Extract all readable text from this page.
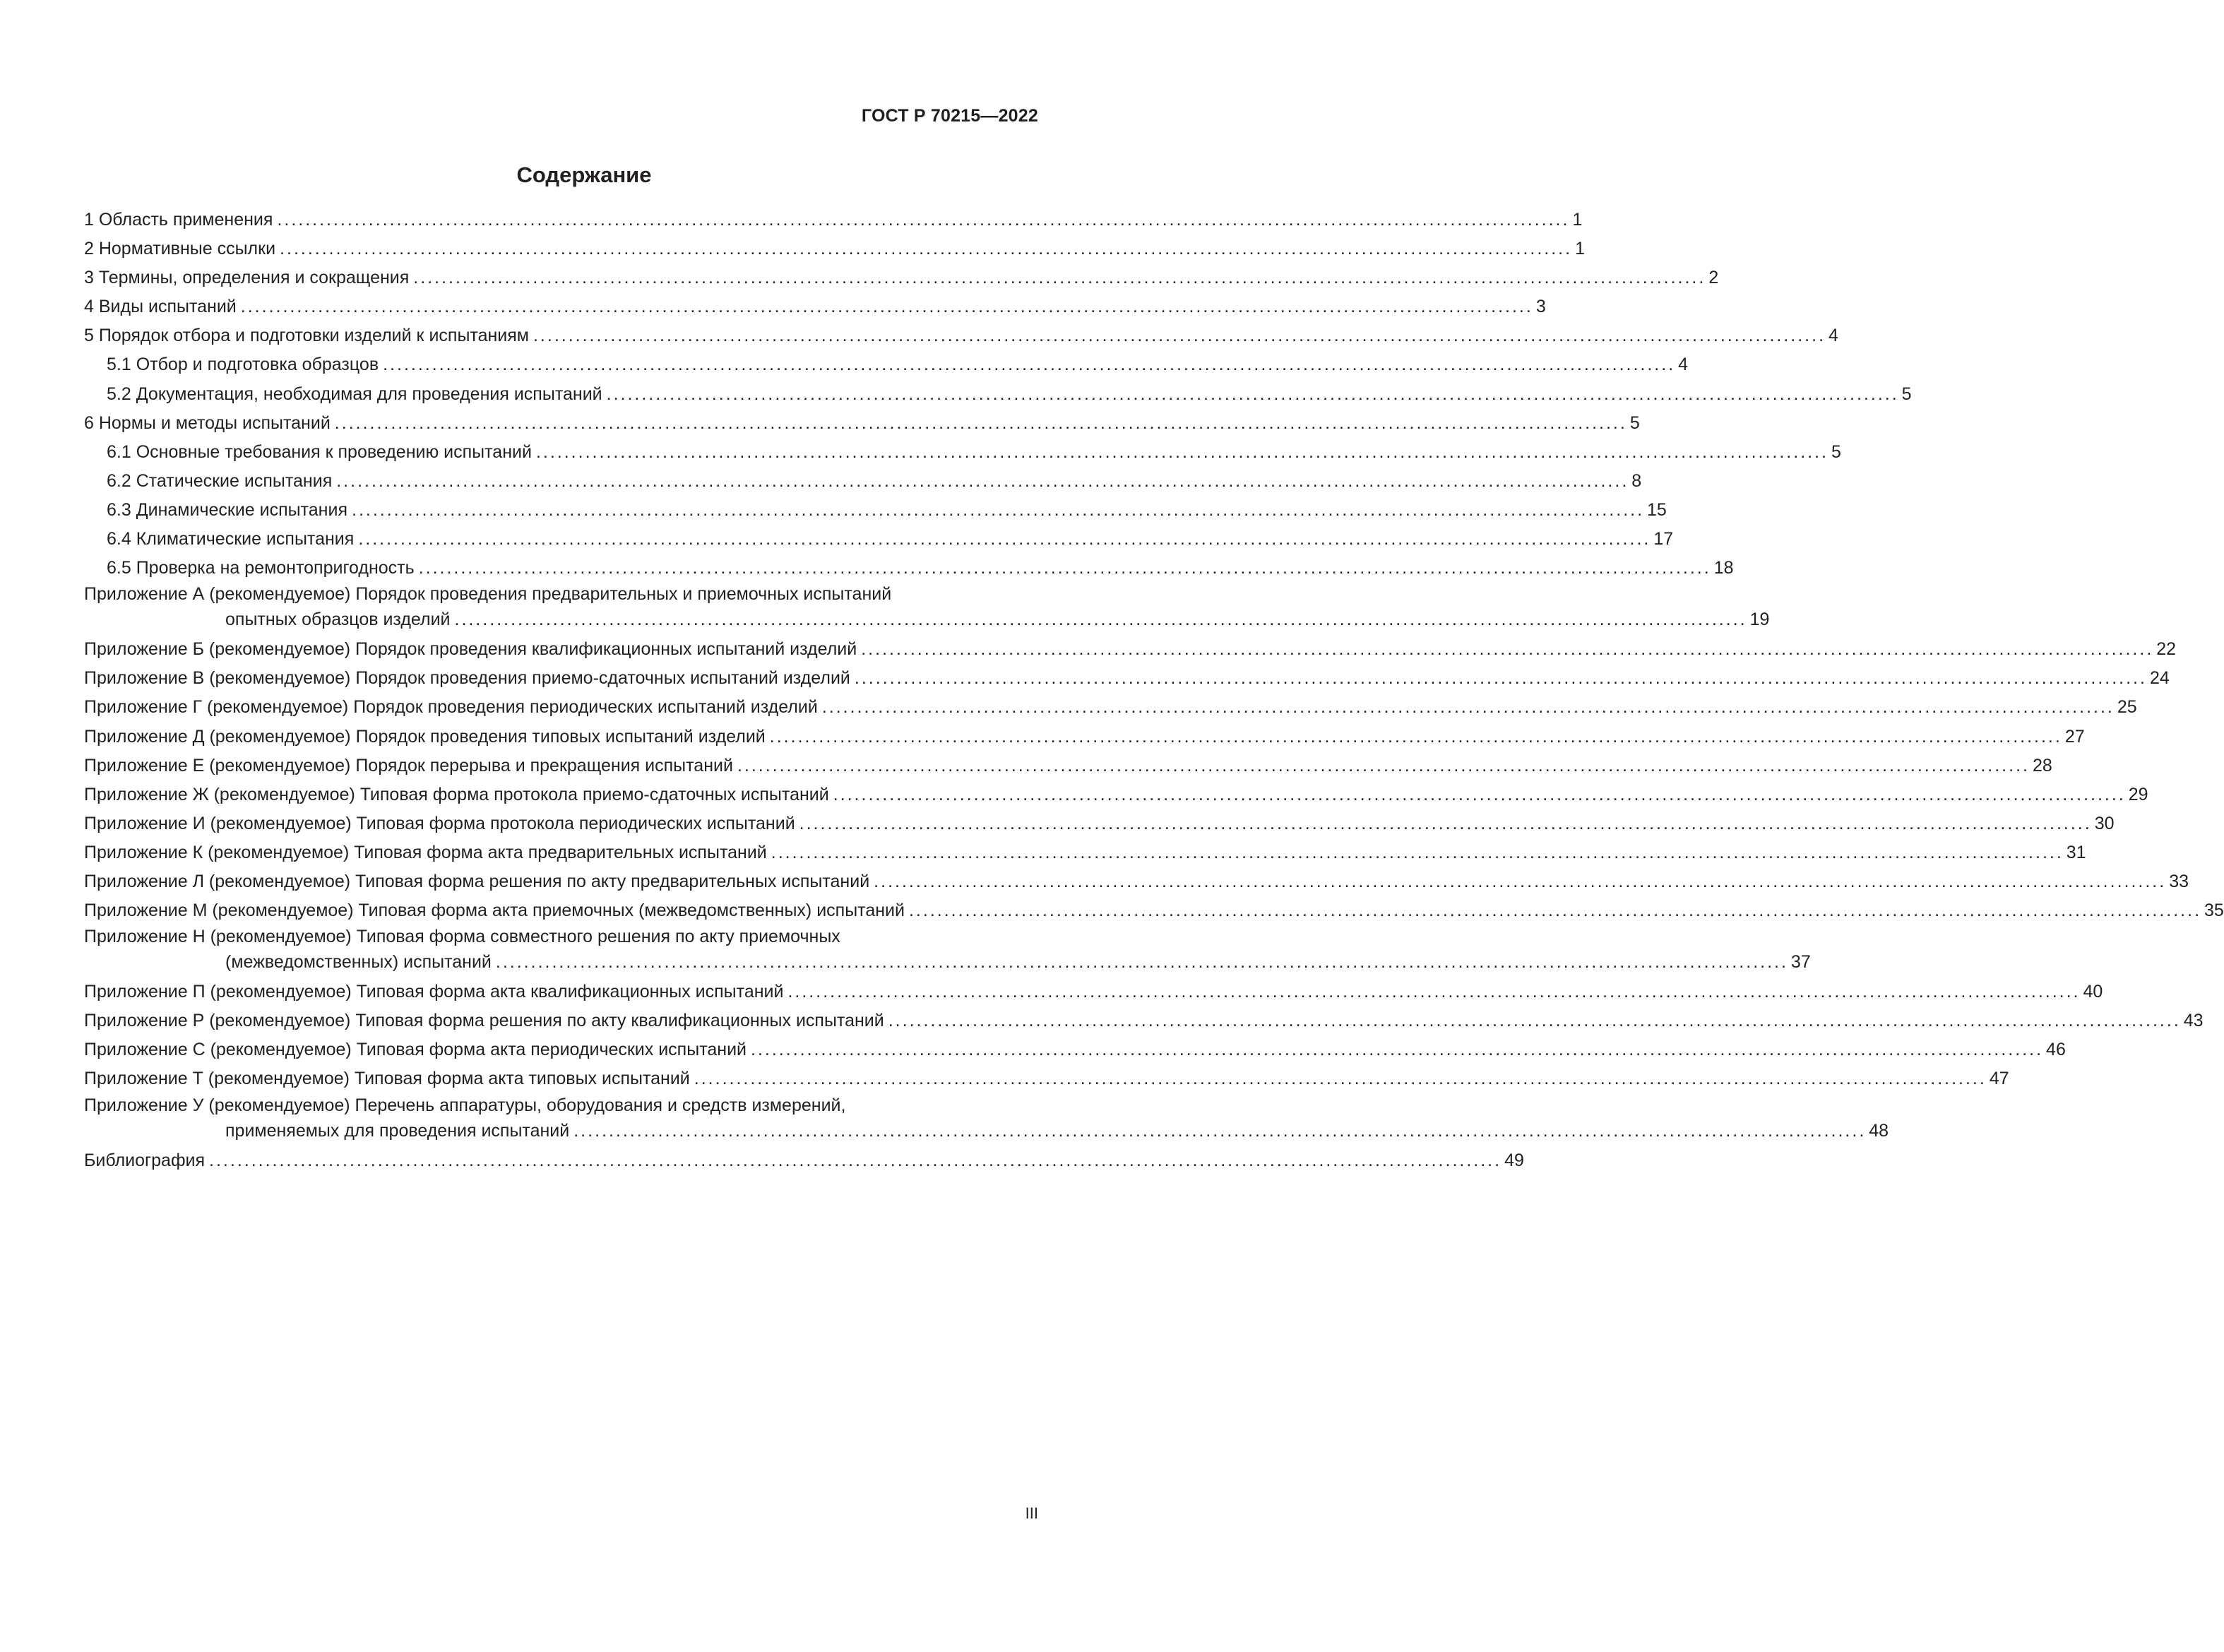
ГОСТ Р 70215—2022
Содержание
1 Область применения ........................................................................................................................................................................................ 1
2 Нормативные ссылки ........................................................................................................................................................................................ 1
3 Термины, определения и сокращения ........................................................................................................................................................................................ 2
4 Виды испытаний ........................................................................................................................................................................................ 3
5 Порядок отбора и подготовки изделий к испытаниям ........................................................................................................................................................................................ 4
5.1 Отбор и подготовка образцов ........................................................................................................................................................................................ 4
5.2 Документация, необходимая для проведения испытаний ........................................................................................................................................................................................ 5
6 Нормы и методы испытаний ........................................................................................................................................................................................ 5
6.1 Основные требования к проведению испытаний ........................................................................................................................................................................................ 5
6.2 Статические испытания ........................................................................................................................................................................................ 8
6.3 Динамические испытания ........................................................................................................................................................................................ 15
6.4 Климатические испытания ........................................................................................................................................................................................ 17
6.5 Проверка на ремонтопригодность ........................................................................................................................................................................................ 18
Приложение А (рекомендуемое) Порядок проведения предварительных и приемочных испытаний
опытных образцов изделий ........................................................................................................................................................................................ 19
Приложение Б (рекомендуемое) Порядок проведения квалификационных испытаний изделий ........................................................................................................................................................................................ 22
Приложение В (рекомендуемое) Порядок проведения приемо-сдаточных испытаний изделий ........................................................................................................................................................................................ 24
Приложение Г (рекомендуемое) Порядок проведения периодических испытаний изделий ........................................................................................................................................................................................ 25
Приложение Д (рекомендуемое) Порядок проведения типовых испытаний изделий ........................................................................................................................................................................................ 27
Приложение Е (рекомендуемое) Порядок перерыва и прекращения испытаний ........................................................................................................................................................................................ 28
Приложение Ж (рекомендуемое) Типовая форма протокола приемо-сдаточных испытаний ........................................................................................................................................................................................ 29
Приложение И (рекомендуемое) Типовая форма протокола периодических испытаний ........................................................................................................................................................................................ 30
Приложение К (рекомендуемое) Типовая форма акта предварительных испытаний ........................................................................................................................................................................................ 31
Приложение Л (рекомендуемое) Типовая форма решения по акту предварительных испытаний ........................................................................................................................................................................................ 33
Приложение М (рекомендуемое) Типовая форма акта приемочных (межведомственных) испытаний ........................................................................................................................................................................................ 35
Приложение Н (рекомендуемое) Типовая форма совместного решения по акту приемочных
(межведомственных) испытаний ........................................................................................................................................................................................ 37
Приложение П (рекомендуемое) Типовая форма акта квалификационных испытаний ........................................................................................................................................................................................ 40
Приложение Р (рекомендуемое) Типовая форма решения по акту квалификационных испытаний ........................................................................................................................................................................................ 43
Приложение С (рекомендуемое) Типовая форма акта периодических испытаний ........................................................................................................................................................................................ 46
Приложение Т (рекомендуемое) Типовая форма акта типовых испытаний ........................................................................................................................................................................................ 47
Приложение У (рекомендуемое) Перечень аппаратуры, оборудования и средств измерений,
применяемых для проведения испытаний ........................................................................................................................................................................................ 48
Библиография ........................................................................................................................................................................................ 49
III
